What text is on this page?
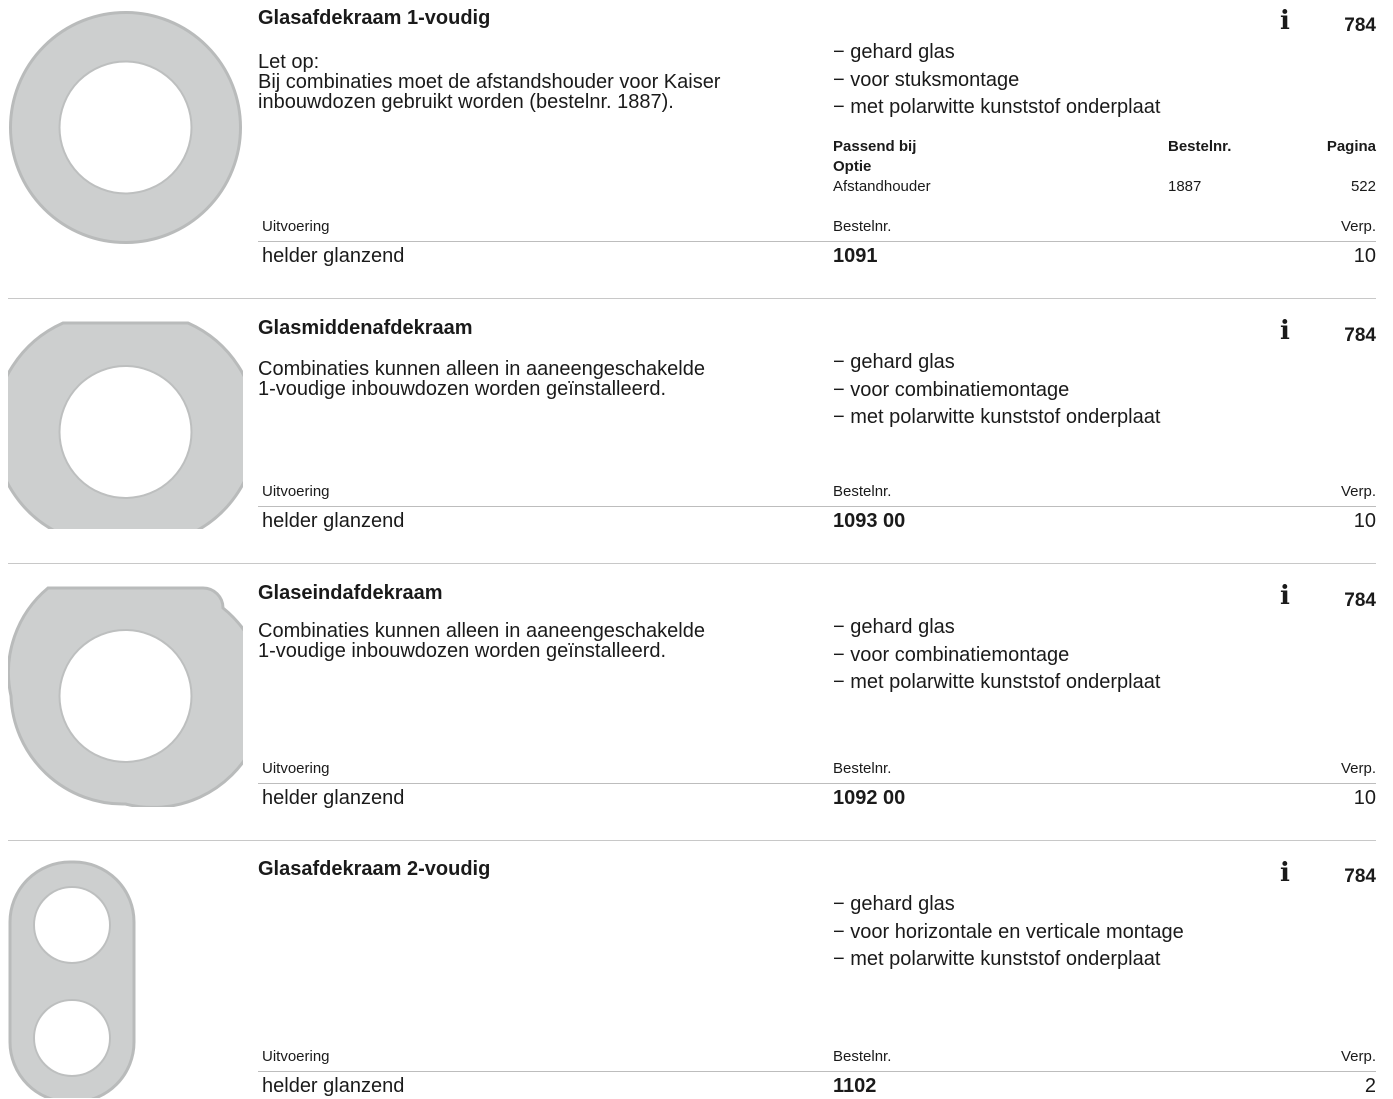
Glasafdekraam 1-voudig	i	784
Let op:
Bij combinaties moet de afstandshouder voor Kaiser
inbouwdozen gebruikt worden (bestelnr. 1887).
− gehard glas
− voor stuksmontage
− met polarwitte kunststof onderplaat
Passend bij	Bestelnr.	Pagina
Optie
Afstandhouder	1887	522
Uitvoering	Bestelnr.	Verp.
helder glanzend	1091	10
Glasmiddenafdekraam	i	784
Combinaties kunnen alleen in aaneengeschakelde
1-voudige inbouwdozen worden geïnstalleerd.
− gehard glas
− voor combinatiemontage
− met polarwitte kunststof onderplaat
Uitvoering	Bestelnr.	Verp.
helder glanzend	1093 00	10
Glaseindafdekraam	i	784
Combinaties kunnen alleen in aaneengeschakelde
1-voudige inbouwdozen worden geïnstalleerd.
− gehard glas
− voor combinatiemontage
− met polarwitte kunststof onderplaat
Uitvoering	Bestelnr.	Verp.
helder glanzend	1092 00	10
Glasafdekraam 2-voudig	i	784
− gehard glas
− voor horizontale en verticale montage
− met polarwitte kunststof onderplaat
Uitvoering	Bestelnr.	Verp.
helder glanzend	1102	2
